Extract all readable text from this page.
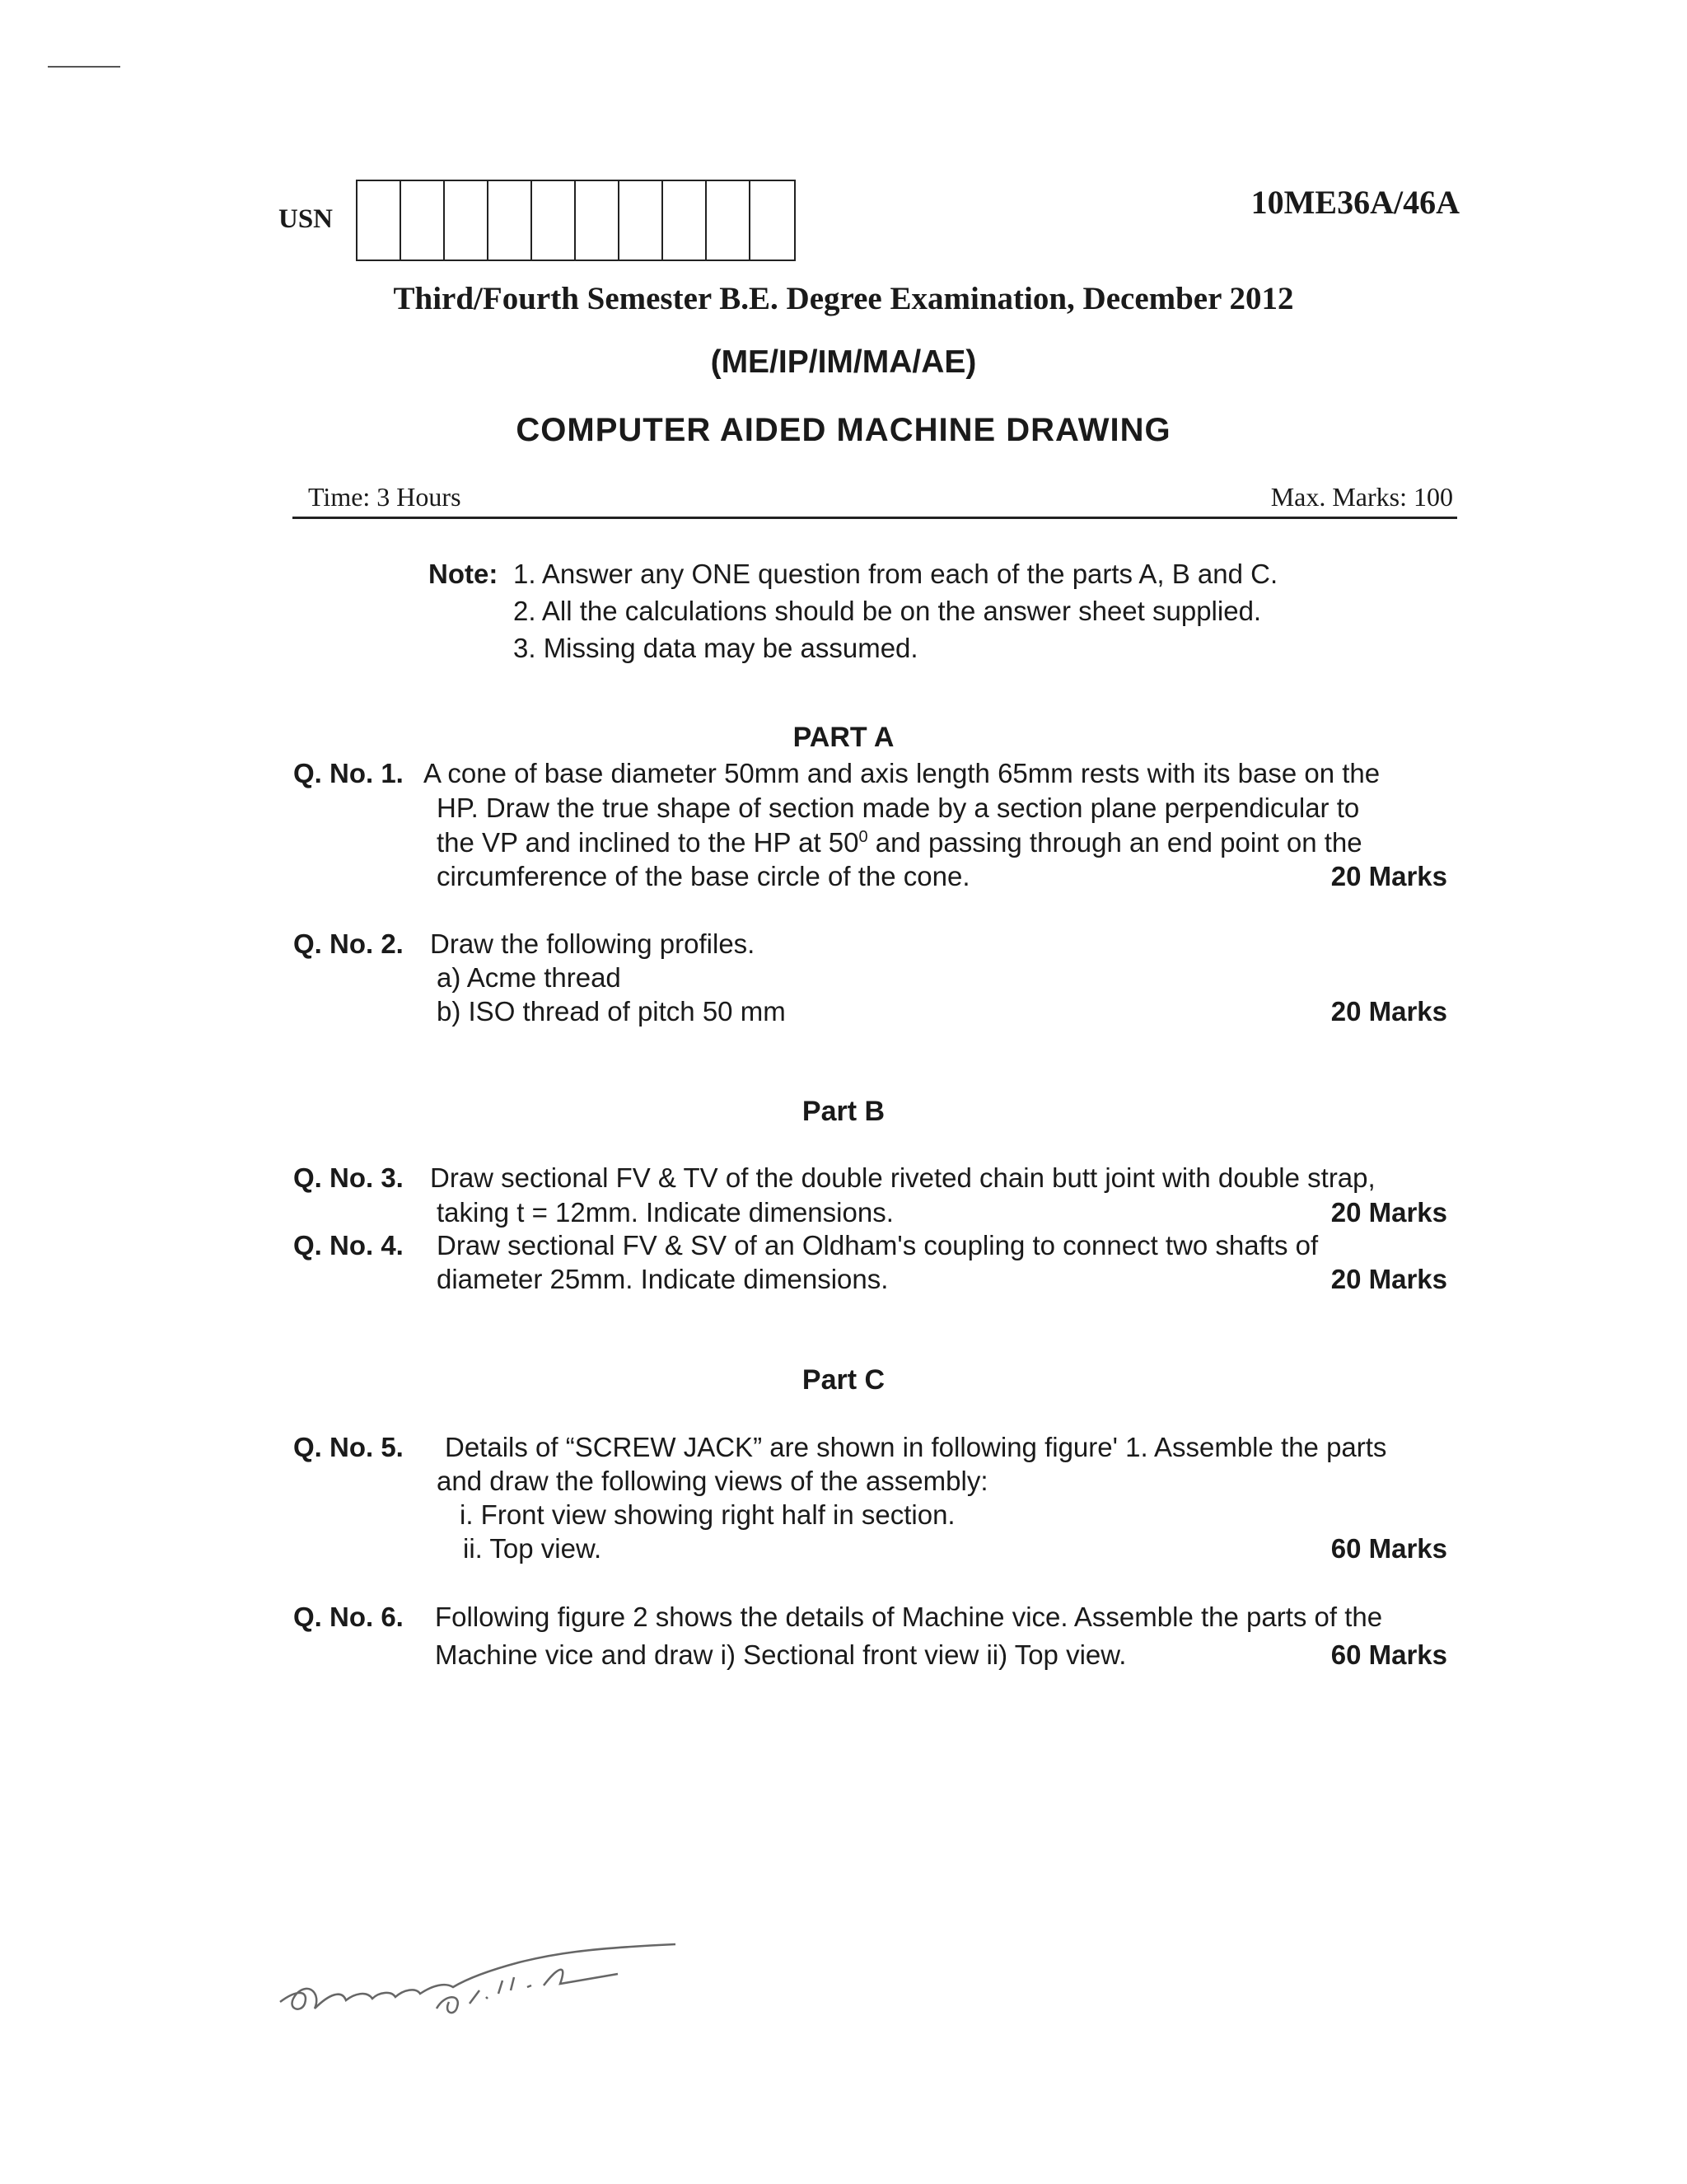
USN	10ME36A/46A
Third/Fourth Semester B.E. Degree Examination, December 2012
(ME/IP/IM/MA/AE)
COMPUTER AIDED MACHINE DRAWING
Time: 3 Hours	Max. Marks: 100
Note: 1. Answer any ONE question from each of the parts A, B and C.
2. All the calculations should be on the answer sheet supplied.
3. Missing data may be assumed.
PART A
Q. No. 1. A cone of base diameter 50mm and axis length 65mm rests with its base on the
HP. Draw the true shape of section made by a section plane perpendicular to
the VP and inclined to the HP at $50^0$ and passing through an end point on the
circumference of the base circle of the cone.	20 Marks
Q. No. 2. Draw the following profiles.
a) Acme thread
b) ISO thread of pitch 50 mm	20 Marks
Part B
Q. No. 3. Draw sectional FV & TV of the double riveted chain butt joint with double strap,
taking t = 12mm. Indicate dimensions.	20 Marks
Q. No. 4. Draw sectional FV & SV of an Oldham's coupling to connect two shafts of
diameter 25mm. Indicate dimensions.	20 Marks
Part C
Q. No. 5. Details of “SCREW JACK” are shown in following figure' 1. Assemble the parts
and draw the following views of the assembly:
i. Front view showing right half in section.
ii. Top view.	60 Marks
Q. No. 6. Following figure 2 shows the details of Machine vice. Assemble the parts of the
Machine vice and draw i) Sectional front view ii) Top view.	60 Marks
